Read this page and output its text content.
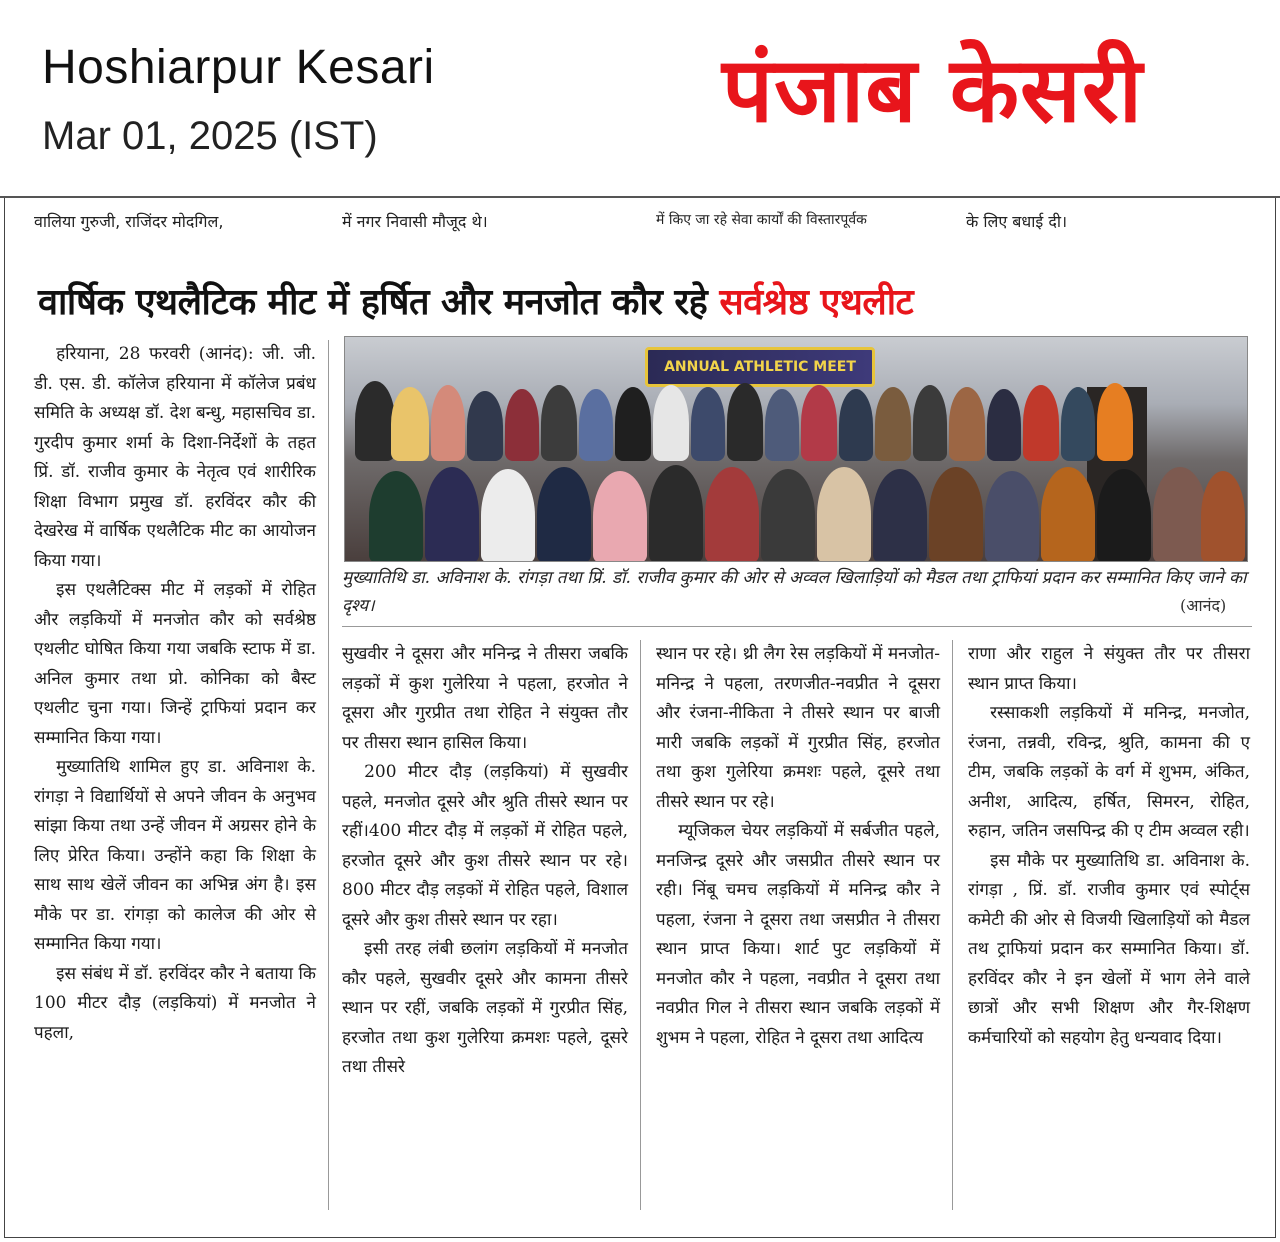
Hoshiarpur Kesari
Mar 01, 2025 (IST)	पंजाब केसरी

वालिया गुरुजी, राजिंदर मोदगिल,
	में नगर निवासी मौजूद थे।
	में किए जा रहे सेवा कार्यों की विस्तारपूर्वक
	के लिए बधाई दी।
वार्षिक एथलैटिक मीट में हर्षित और मनजोत कौर रहे सर्वश्रेष्ठ एथलीट

हरियाना, 28 फरवरी (आनंद): जी. जी. डी. एस. डी. कॉलेज हरियाना में कॉलेज प्रबंध समिति के अध्यक्ष डॉ. देश बन्धु, महासचिव डा. गुरदीप कुमार शर्मा के दिशा-निर्देशों के तहत प्रिं. डॉ. राजीव कुमार के नेतृत्व एवं शारीरिक शिक्षा विभाग प्रमुख डॉ. हरविंदर कौर की देखरेख में वार्षिक एथलैटिक मीट का आयोजन किया गया।

इस एथलैटिक्स मीट में लड़कों में रोहित और लड़कियों में मनजोत कौर को सर्वश्रेष्ठ एथलीट घोषित किया गया जबकि स्टाफ में डा. अनिल कुमार तथा प्रो. कोनिका को बैस्ट एथलीट चुना गया। जिन्हें ट्राफियां प्रदान कर सम्मानित किया गया।

मुख्यातिथि शामिल हुए डा. अविनाश के. रांगड़ा ने विद्यार्थियों से अपने जीवन के अनुभव सांझा किया तथा उन्हें जीवन में अग्रसर होने के लिए प्रेरित किया। उन्होंने कहा कि शिक्षा के साथ साथ खेलें जीवन का अभिन्न अंग है। इस मौके पर डा. रांगड़ा को कालेज की ओर से सम्मानित किया गया।

इस संबंध में डॉ. हरविंदर कौर ने बताया कि 100 मीटर दौड़ (लड़कियां) में मनजोत ने पहला,

ANNUAL ATHLETIC MEET
मुख्यातिथि डा. अविनाश के. रांगड़ा तथा प्रिं. डॉ. राजीव कुमार की ओर से अव्वल खिलाड़ियों को मैडल तथा ट्राफियां प्रदान कर सम्मानित किए जाने का दृश्य।	(आनंद)

सुखवीर ने दूसरा और मनिन्द्र ने तीसरा जबकि लड़कों में कुश गुलेरिया ने पहला, हरजोत ने दूसरा और गुरप्रीत तथा रोहित ने संयुक्त तौर पर तीसरा स्थान हासिल किया।

200 मीटर दौड़ (लड़कियां) में सुखवीर पहले, मनजोत दूसरे और श्रुति तीसरे स्थान पर रहीं।400 मीटर दौड़ में लड़कों में रोहित पहले, हरजोत दूसरे और कुश तीसरे स्थान पर रहे। 800 मीटर दौड़ लड़कों में रोहित पहले, विशाल दूसरे और कुश तीसरे स्थान पर रहा।

इसी तरह लंबी छलांग लड़कियों में मनजोत कौर पहले, सुखवीर दूसरे और कामना तीसरे स्थान पर रहीं, जबकि लड़कों में गुरप्रीत सिंह, हरजोत तथा कुश गुलेरिया क्रमशः पहले, दूसरे तथा तीसरे

स्थान पर रहे। थ्री लैग रेस लड़कियों में मनजोत- मनिन्द्र ने पहला, तरणजीत-नवप्रीत ने दूसरा और रंजना-नीकिता ने तीसरे स्थान पर बाजी मारी जबकि लड़कों में गुरप्रीत सिंह, हरजोत तथा कुश गुलेरिया क्रमशः पहले, दूसरे तथा तीसरे स्थान पर रहे।

म्यूजिकल चेयर लड़कियों में सर्बजीत पहले, मनजिन्द्र दूसरे और जसप्रीत तीसरे स्थान पर रही। निंबू चमच लड़कियों में मनिन्द्र कौर ने पहला, रंजना ने दूसरा तथा जसप्रीत ने तीसरा स्थान प्राप्त किया। शार्ट पुट लड़कियों में मनजोत कौर ने पहला, नवप्रीत ने दूसरा तथा नवप्रीत गिल ने तीसरा स्थान जबकि लड़कों में शुभम ने पहला, रोहित ने दूसरा तथा आदित्य

राणा और राहुल ने संयुक्त तौर पर तीसरा स्थान प्राप्त किया।

रस्साकशी लड़कियों में मनिन्द्र, मनजोत, रंजना, तन्नवी, रविन्द्र, श्रुति, कामना की ए टीम, जबकि लड़कों के वर्ग में शुभम, अंकित, अनीश, आदित्य, हर्षित, सिमरन, रोहित, रुहान, जतिन जसपिन्द्र की ए टीम अव्वल रही।

इस मौके पर मुख्यातिथि डा. अविनाश के. रांगड़ा , प्रिं. डॉ. राजीव कुमार एवं स्पोर्ट्स कमेटी की ओर से विजयी खिलाड़ियों को मैडल तथ ट्राफियां प्रदान कर सम्मानित किया। डॉ. हरविंदर कौर ने इन खेलों में भाग लेने वाले छात्रों और सभी शिक्षण और गैर-शिक्षण कर्मचारियों को सहयोग हेतु धन्यवाद दिया।
